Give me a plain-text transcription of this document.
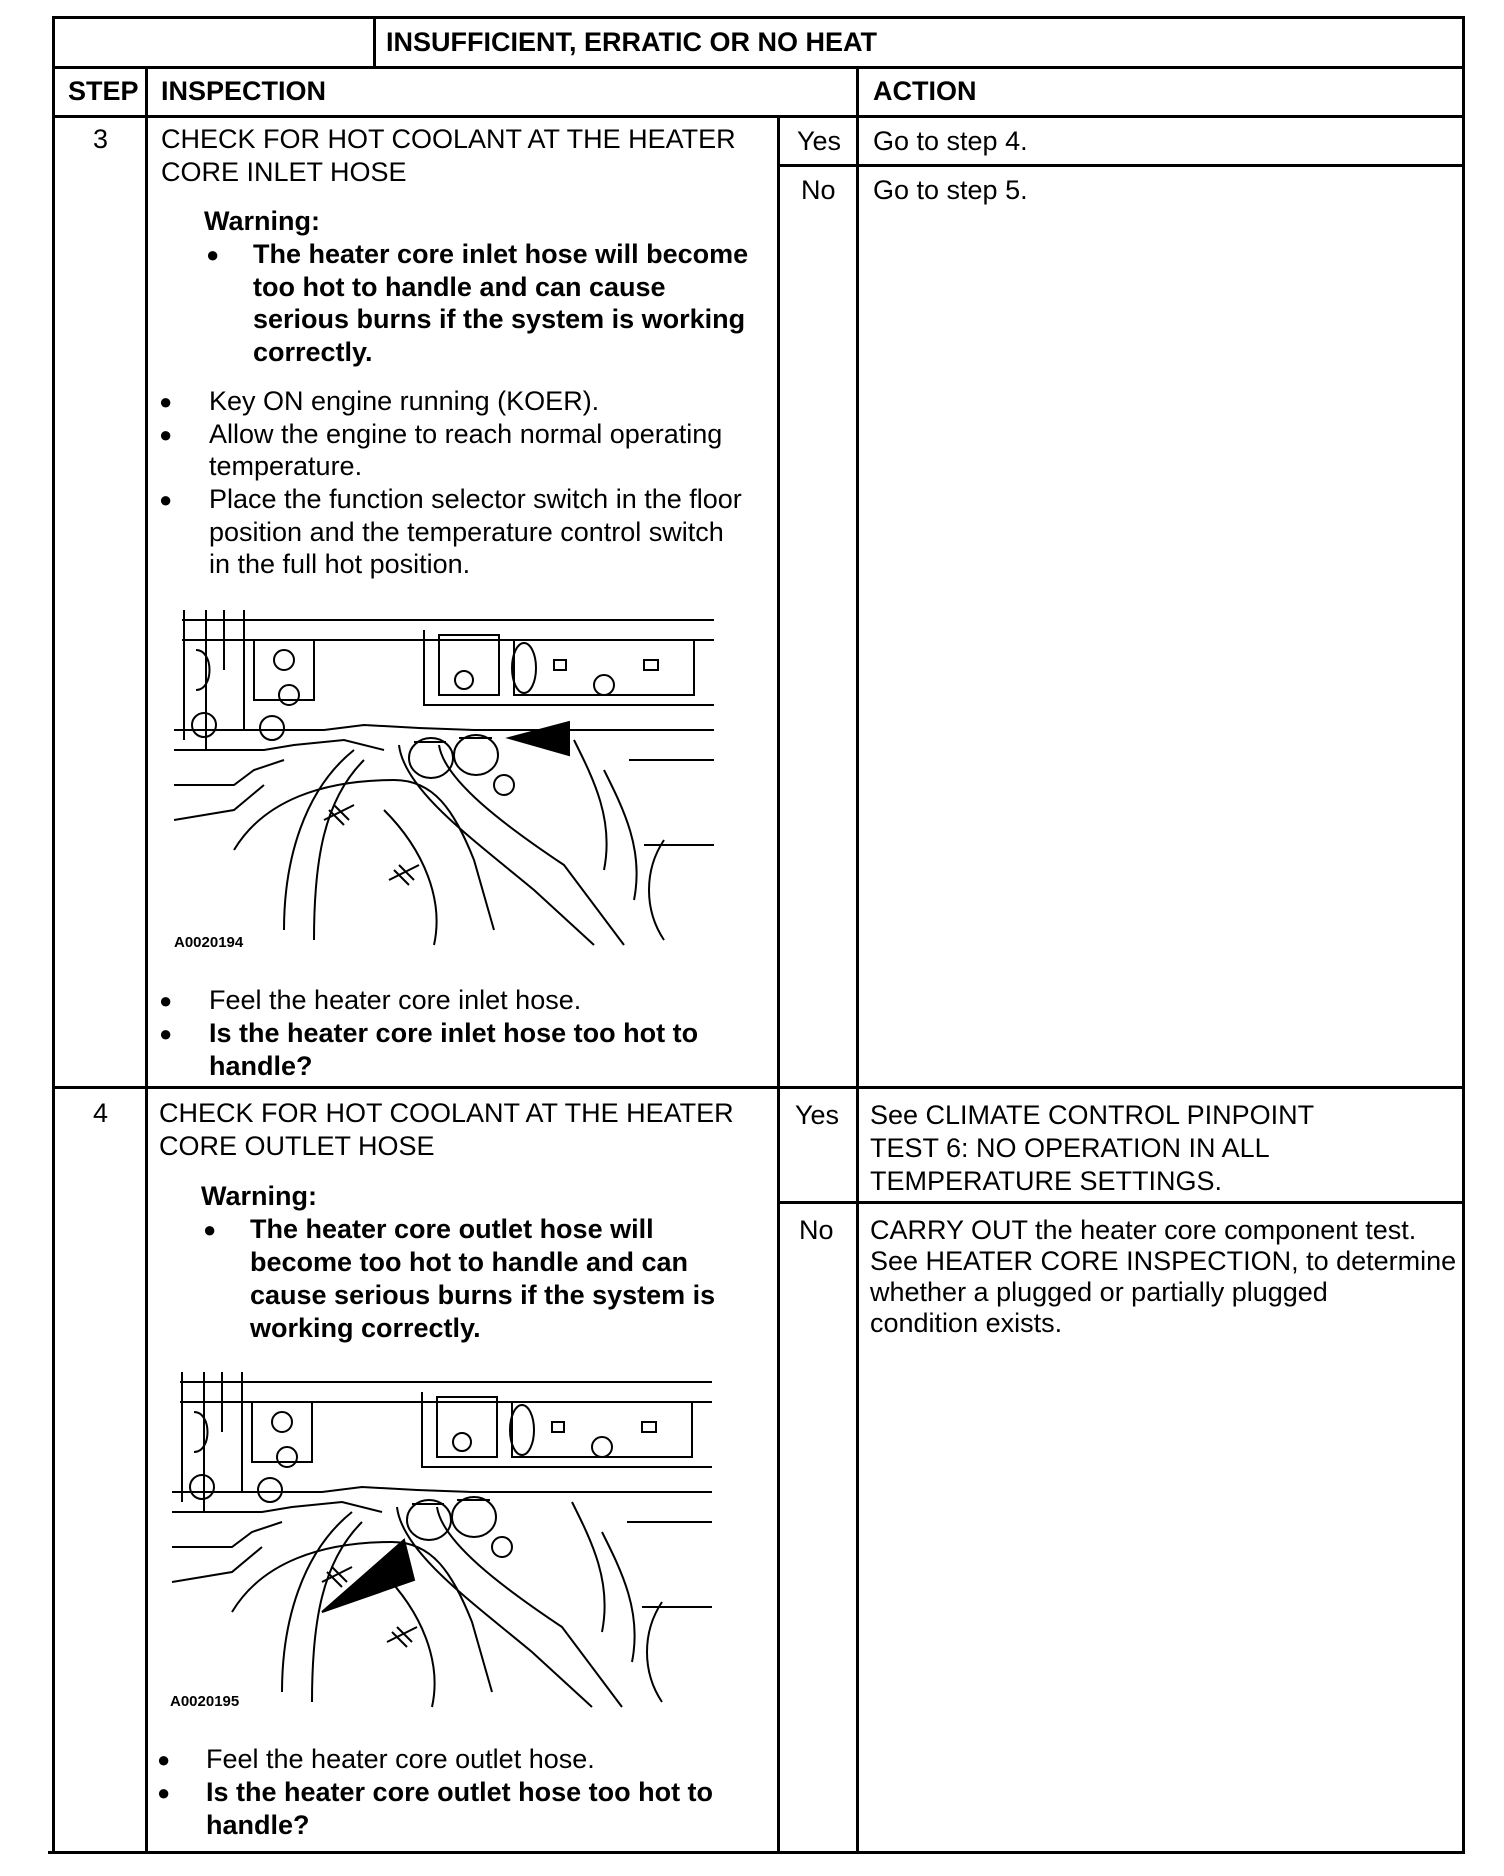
INSUFFICIENT, ERRATIC OR NO HEAT
STEP INSPECTION	ACTION
3 CHECK FOR HOT COOLANT AT THE HEATER
CORE INLET HOSE
Warning:
● The heater core inlet hose will become
too hot to handle and can cause
serious burns if the system is working
correctly.
● Key ON engine running (KOER).
● Allow the engine to reach normal operating
temperature.
● Place the function selector switch in the floor
position and the temperature control switch
in the full hot position.
A0020194
● Feel the heater core inlet hose.
● Is the heater core inlet hose too hot to
handle?
Yes
No
Go to step 4.
Go to step 5.
4 CHECK FOR HOT COOLANT AT THE HEATER
CORE OUTLET HOSE
Warning:
● The heater core outlet hose will
become too hot to handle and can
cause serious burns if the system is
working correctly.
A0020195
● Feel the heater core outlet hose.
● Is the heater core outlet hose too hot to
handle?
Yes
No
See CLIMATE CONTROL PINPOINT
TEST 6: NO OPERATION IN ALL
TEMPERATURE SETTINGS.
CARRY OUT the heater core component test.
See HEATER CORE INSPECTION, to determine
whether a plugged or partially plugged
condition exists.
